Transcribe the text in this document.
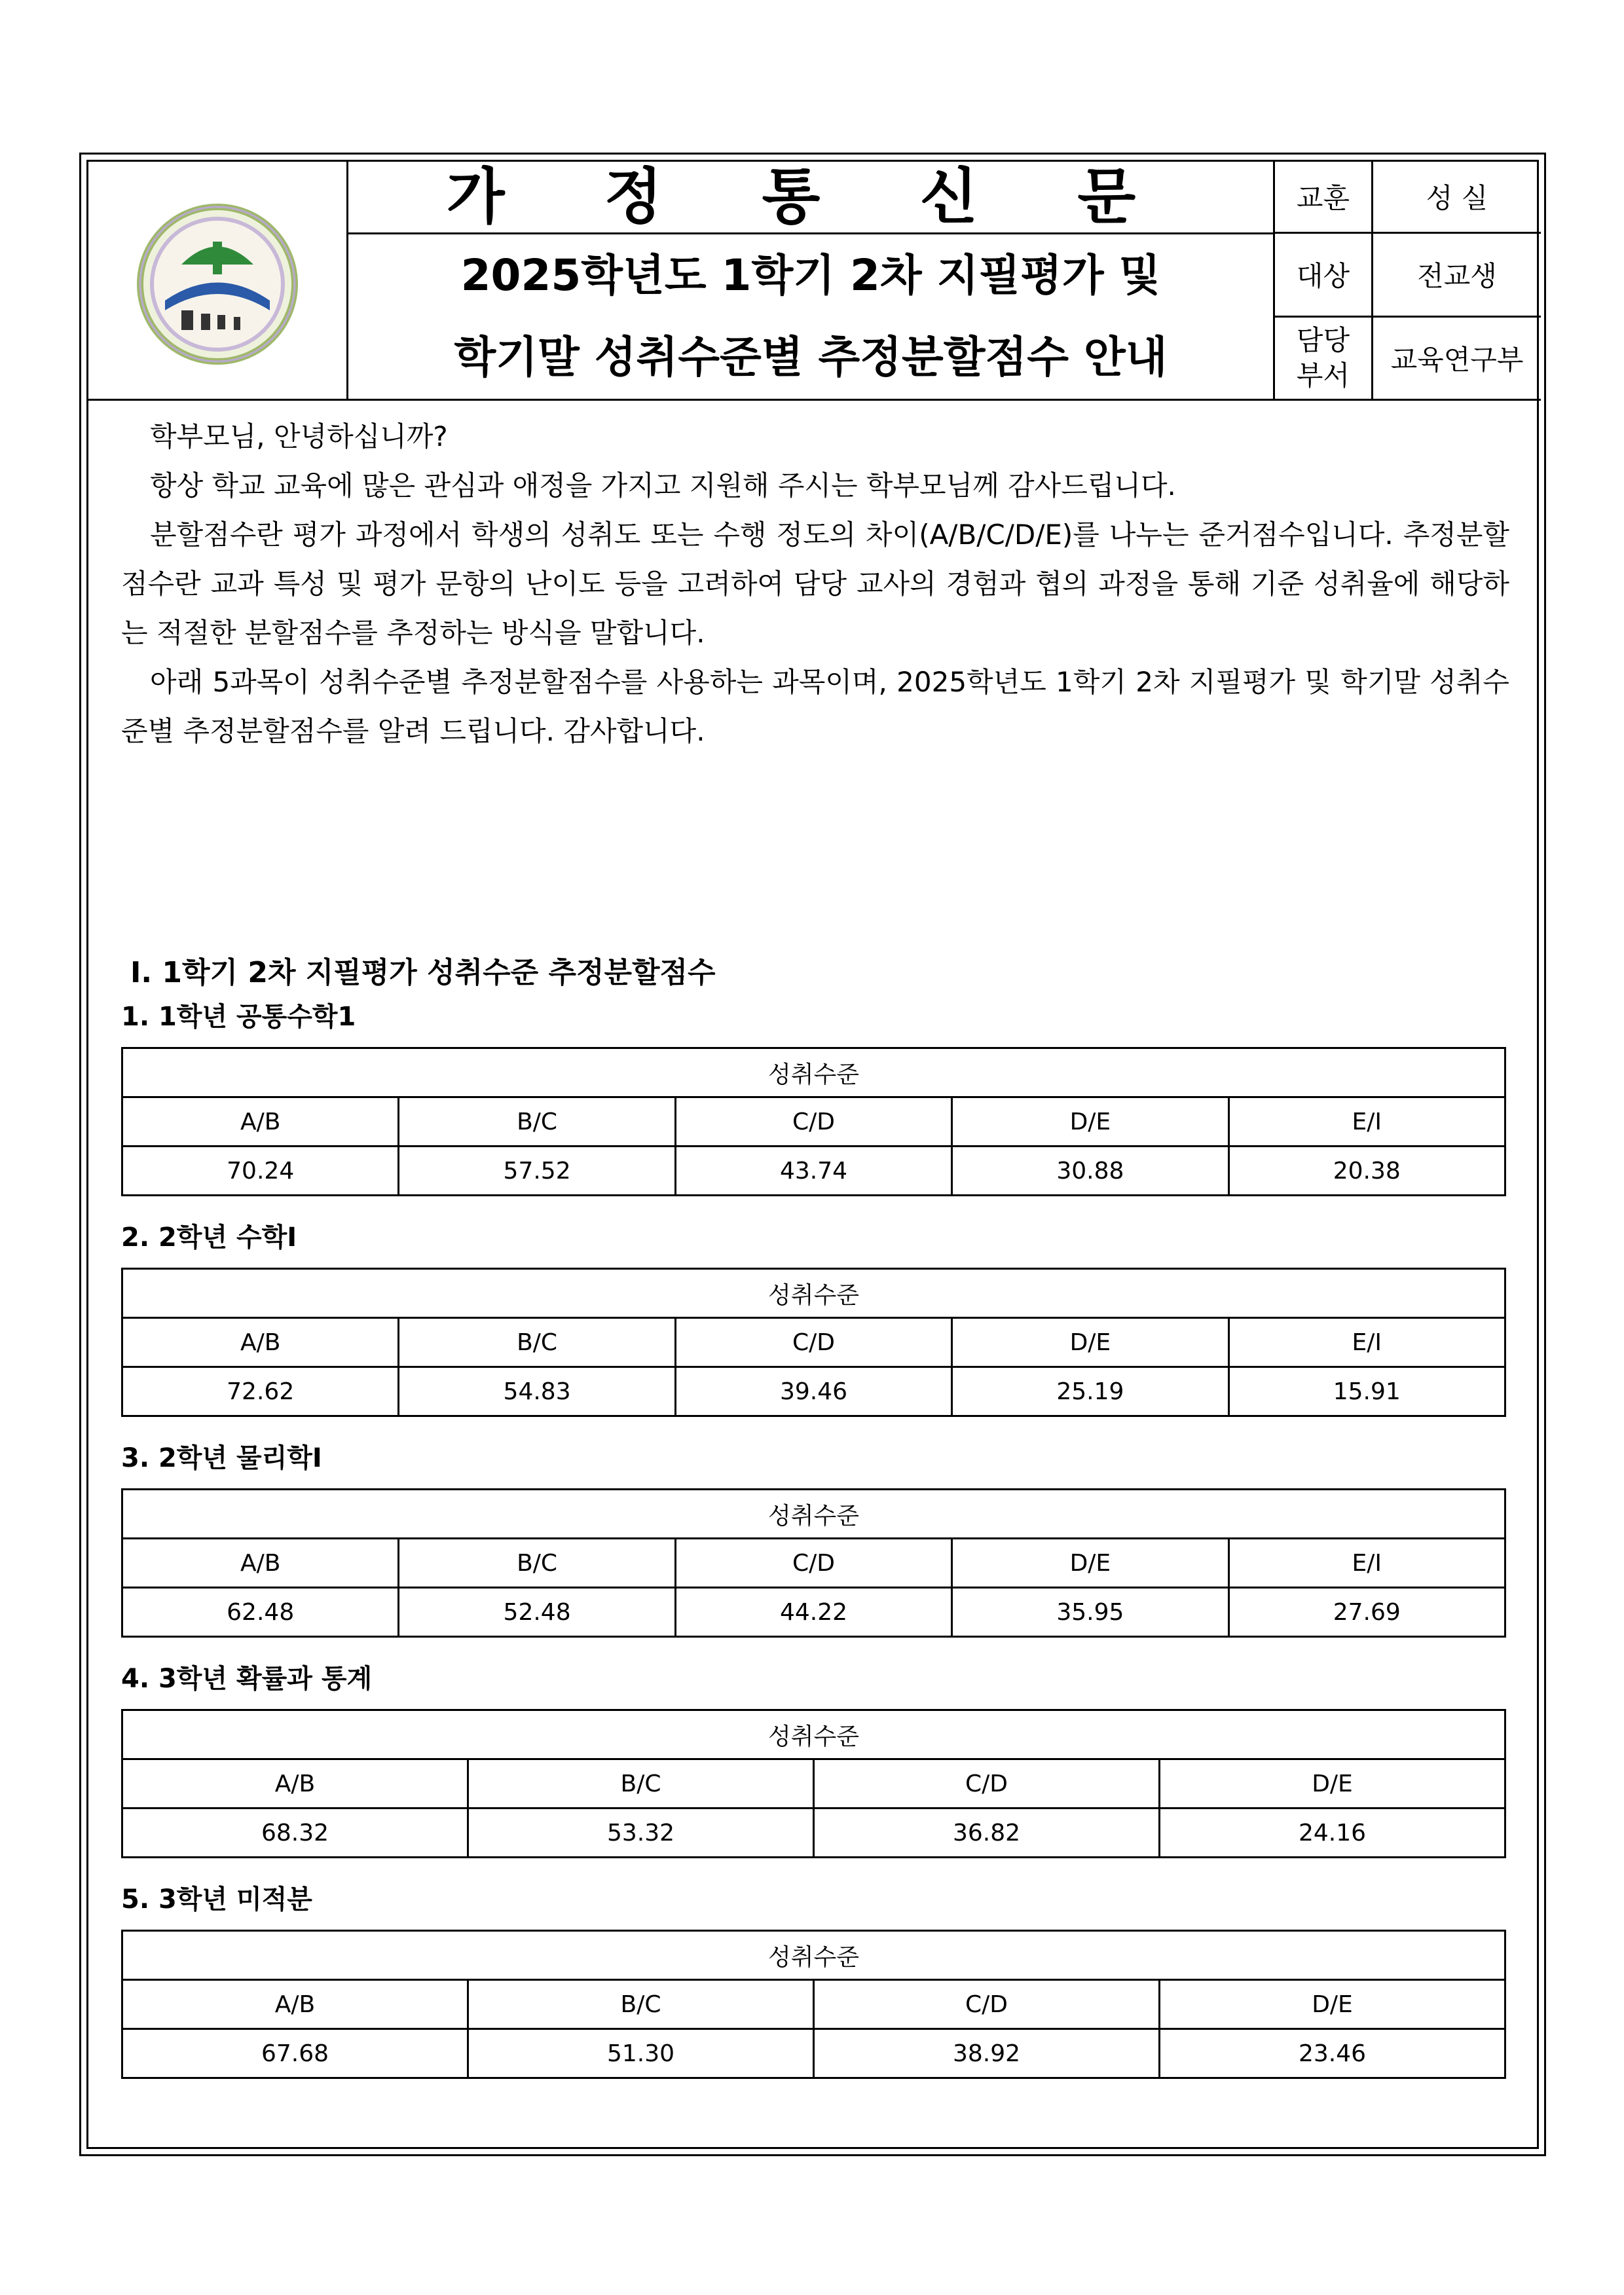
가 정 통 신 문
2025학년도 1학기 2차 지필평가 및
학기말 성취수준별 추정분할점수 안내
교훈	성 실
대상	전교생

담당
부서	교육연구부

학부모님, 안녕하십니까?

항상 학교 교육에 많은 관심과 애정을 가지고 지원해 주시는 학부모님께 감사드립니다.

분할점수란 평가 과정에서 학생의 성취도 또는 수행 정도의 차이(A/B/C/D/E)를 나누는 준거점수입니다. 추정분할점수란 교과 특성 및 평가 문항의 난이도 등을 고려하여 담당 교사의 경험과 협의 과정을 통해 기준 성취율에 해당하는 적절한 분할점수를 추정하는 방식을 말합니다.

아래 5과목이 성취수준별 추정분할점수를 사용하는 과목이며, 2025학년도 1학기 2차 지필평가 및 학기말 성취수준별 추정분할점수를 알려 드립니다. 감사합니다.

Ⅰ. 1학기 2차 지필평가 성취수준 추정분할점수
1. 1학년 공통수학1
성취수준				
A/B	B/C	C/D	D/E	E/I
70.24	57.52	43.74	30.88	20.38
2. 2학년 수학Ⅰ
성취수준				
A/B	B/C	C/D	D/E	E/I
72.62	54.83	39.46	25.19	15.91
3. 2학년 물리학Ⅰ
성취수준				
A/B	B/C	C/D	D/E	E/I
62.48	52.48	44.22	35.95	27.69
4. 3학년 확률과 통계
성취수준			
A/B	B/C	C/D	D/E
68.32	53.32	36.82	24.16
5. 3학년 미적분
성취수준			
A/B	B/C	C/D	D/E
67.68	51.30	38.92	23.46
